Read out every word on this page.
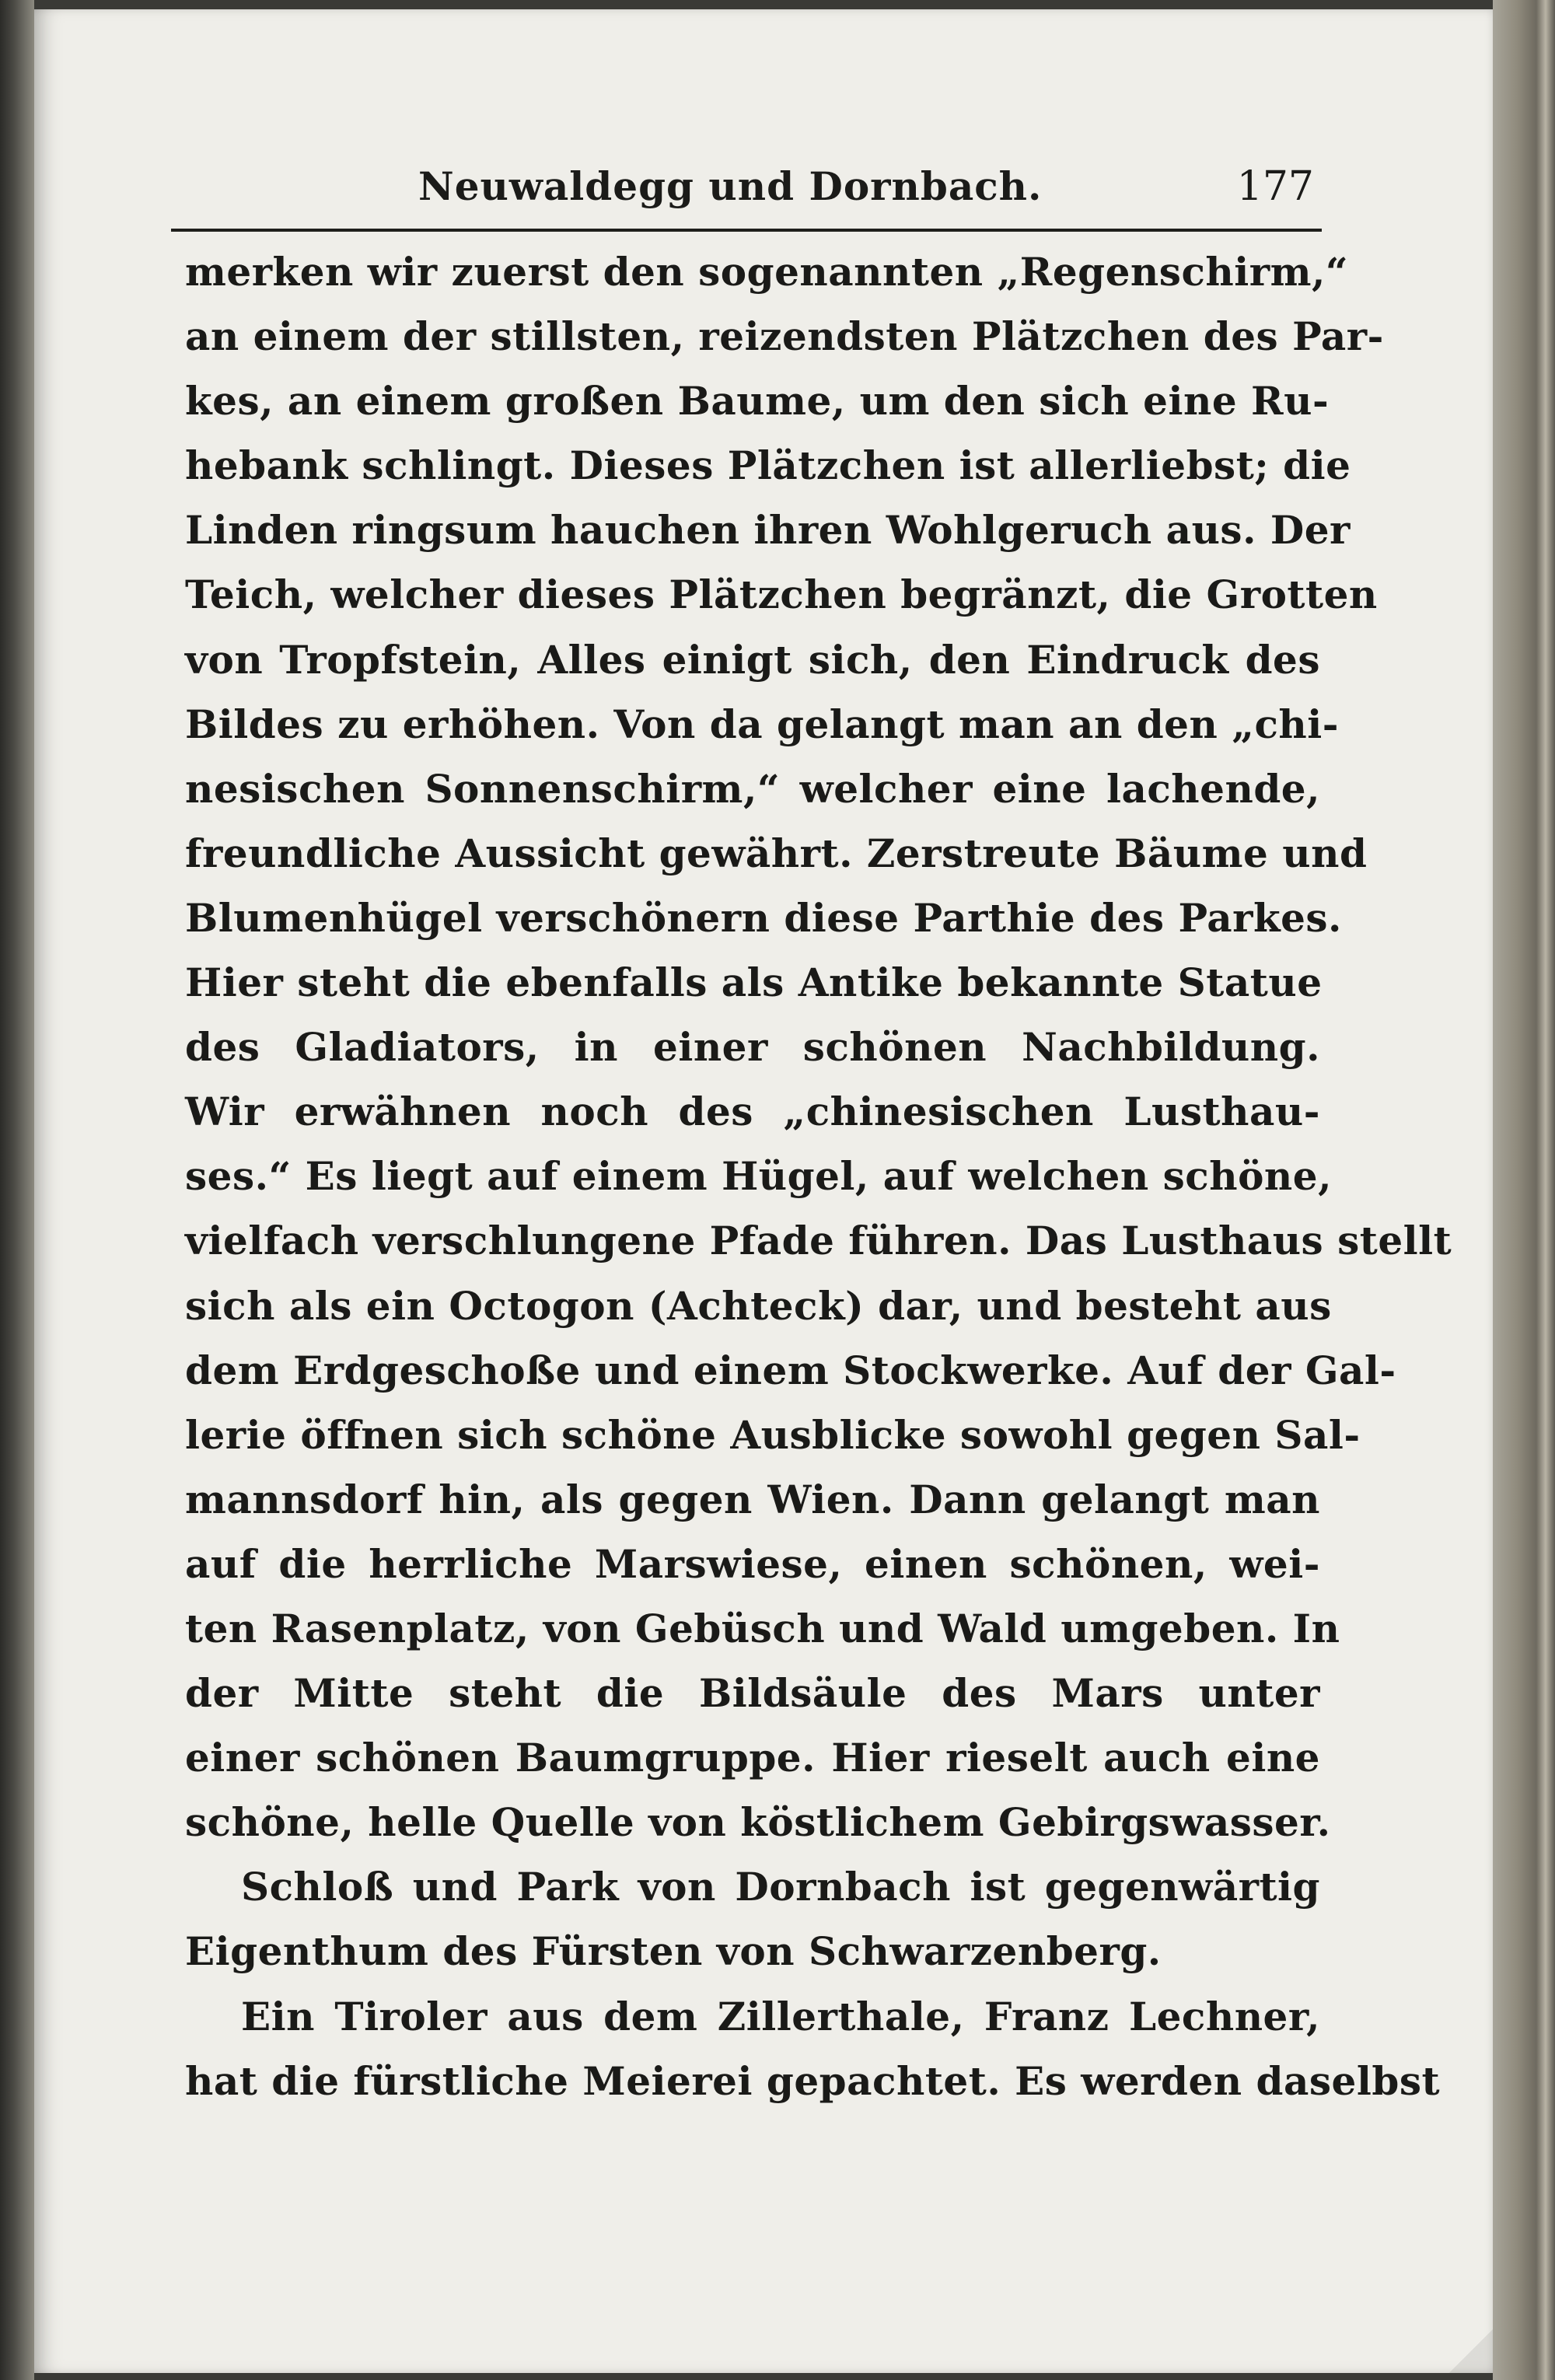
Neuwaldegg und Dornbach.	177
merken wir zuerst den sogenannten „Regenschirm,“
an einem der stillsten, reizendsten Plätzchen des Par-
kes, an einem großen Baume, um den sich eine Ru-
hebank schlingt. Dieses Plätzchen ist allerliebst; die
Linden ringsum hauchen ihren Wohlgeruch aus. Der
Teich, welcher dieses Plätzchen begränzt, die Grotten
von Tropfstein, Alles einigt sich, den Eindruck des
Bildes zu erhöhen. Von da gelangt man an den „chi-
nesischen Sonnenschirm,“ welcher eine lachende,
freundliche Aussicht gewährt. Zerstreute Bäume und
Blumenhügel verschönern diese Parthie des Parkes.
Hier steht die ebenfalls als Antike bekannte Statue
des Gladiators, in einer schönen Nachbildung.
Wir erwähnen noch des „chinesischen Lusthau-
ses.“ Es liegt auf einem Hügel, auf welchen schöne,
vielfach verschlungene Pfade führen. Das Lusthaus stellt
sich als ein Octogon (Achteck) dar, und besteht aus
dem Erdgeschoße und einem Stockwerke. Auf der Gal-
lerie öffnen sich schöne Ausblicke sowohl gegen Sal-
mannsdorf hin, als gegen Wien. Dann gelangt man
auf die herrliche Marswiese, einen schönen, wei-
ten Rasenplatz, von Gebüsch und Wald umgeben. In
der Mitte steht die Bildsäule des Mars unter
einer schönen Baumgruppe. Hier rieselt auch eine
schöne, helle Quelle von köstlichem Gebirgswasser.
Schloß und Park von Dornbach ist gegenwärtig
Eigenthum des Fürsten von Schwarzenberg.
Ein Tiroler aus dem Zillerthale, Franz Lechner,
hat die fürstliche Meierei gepachtet. Es werden daselbst
